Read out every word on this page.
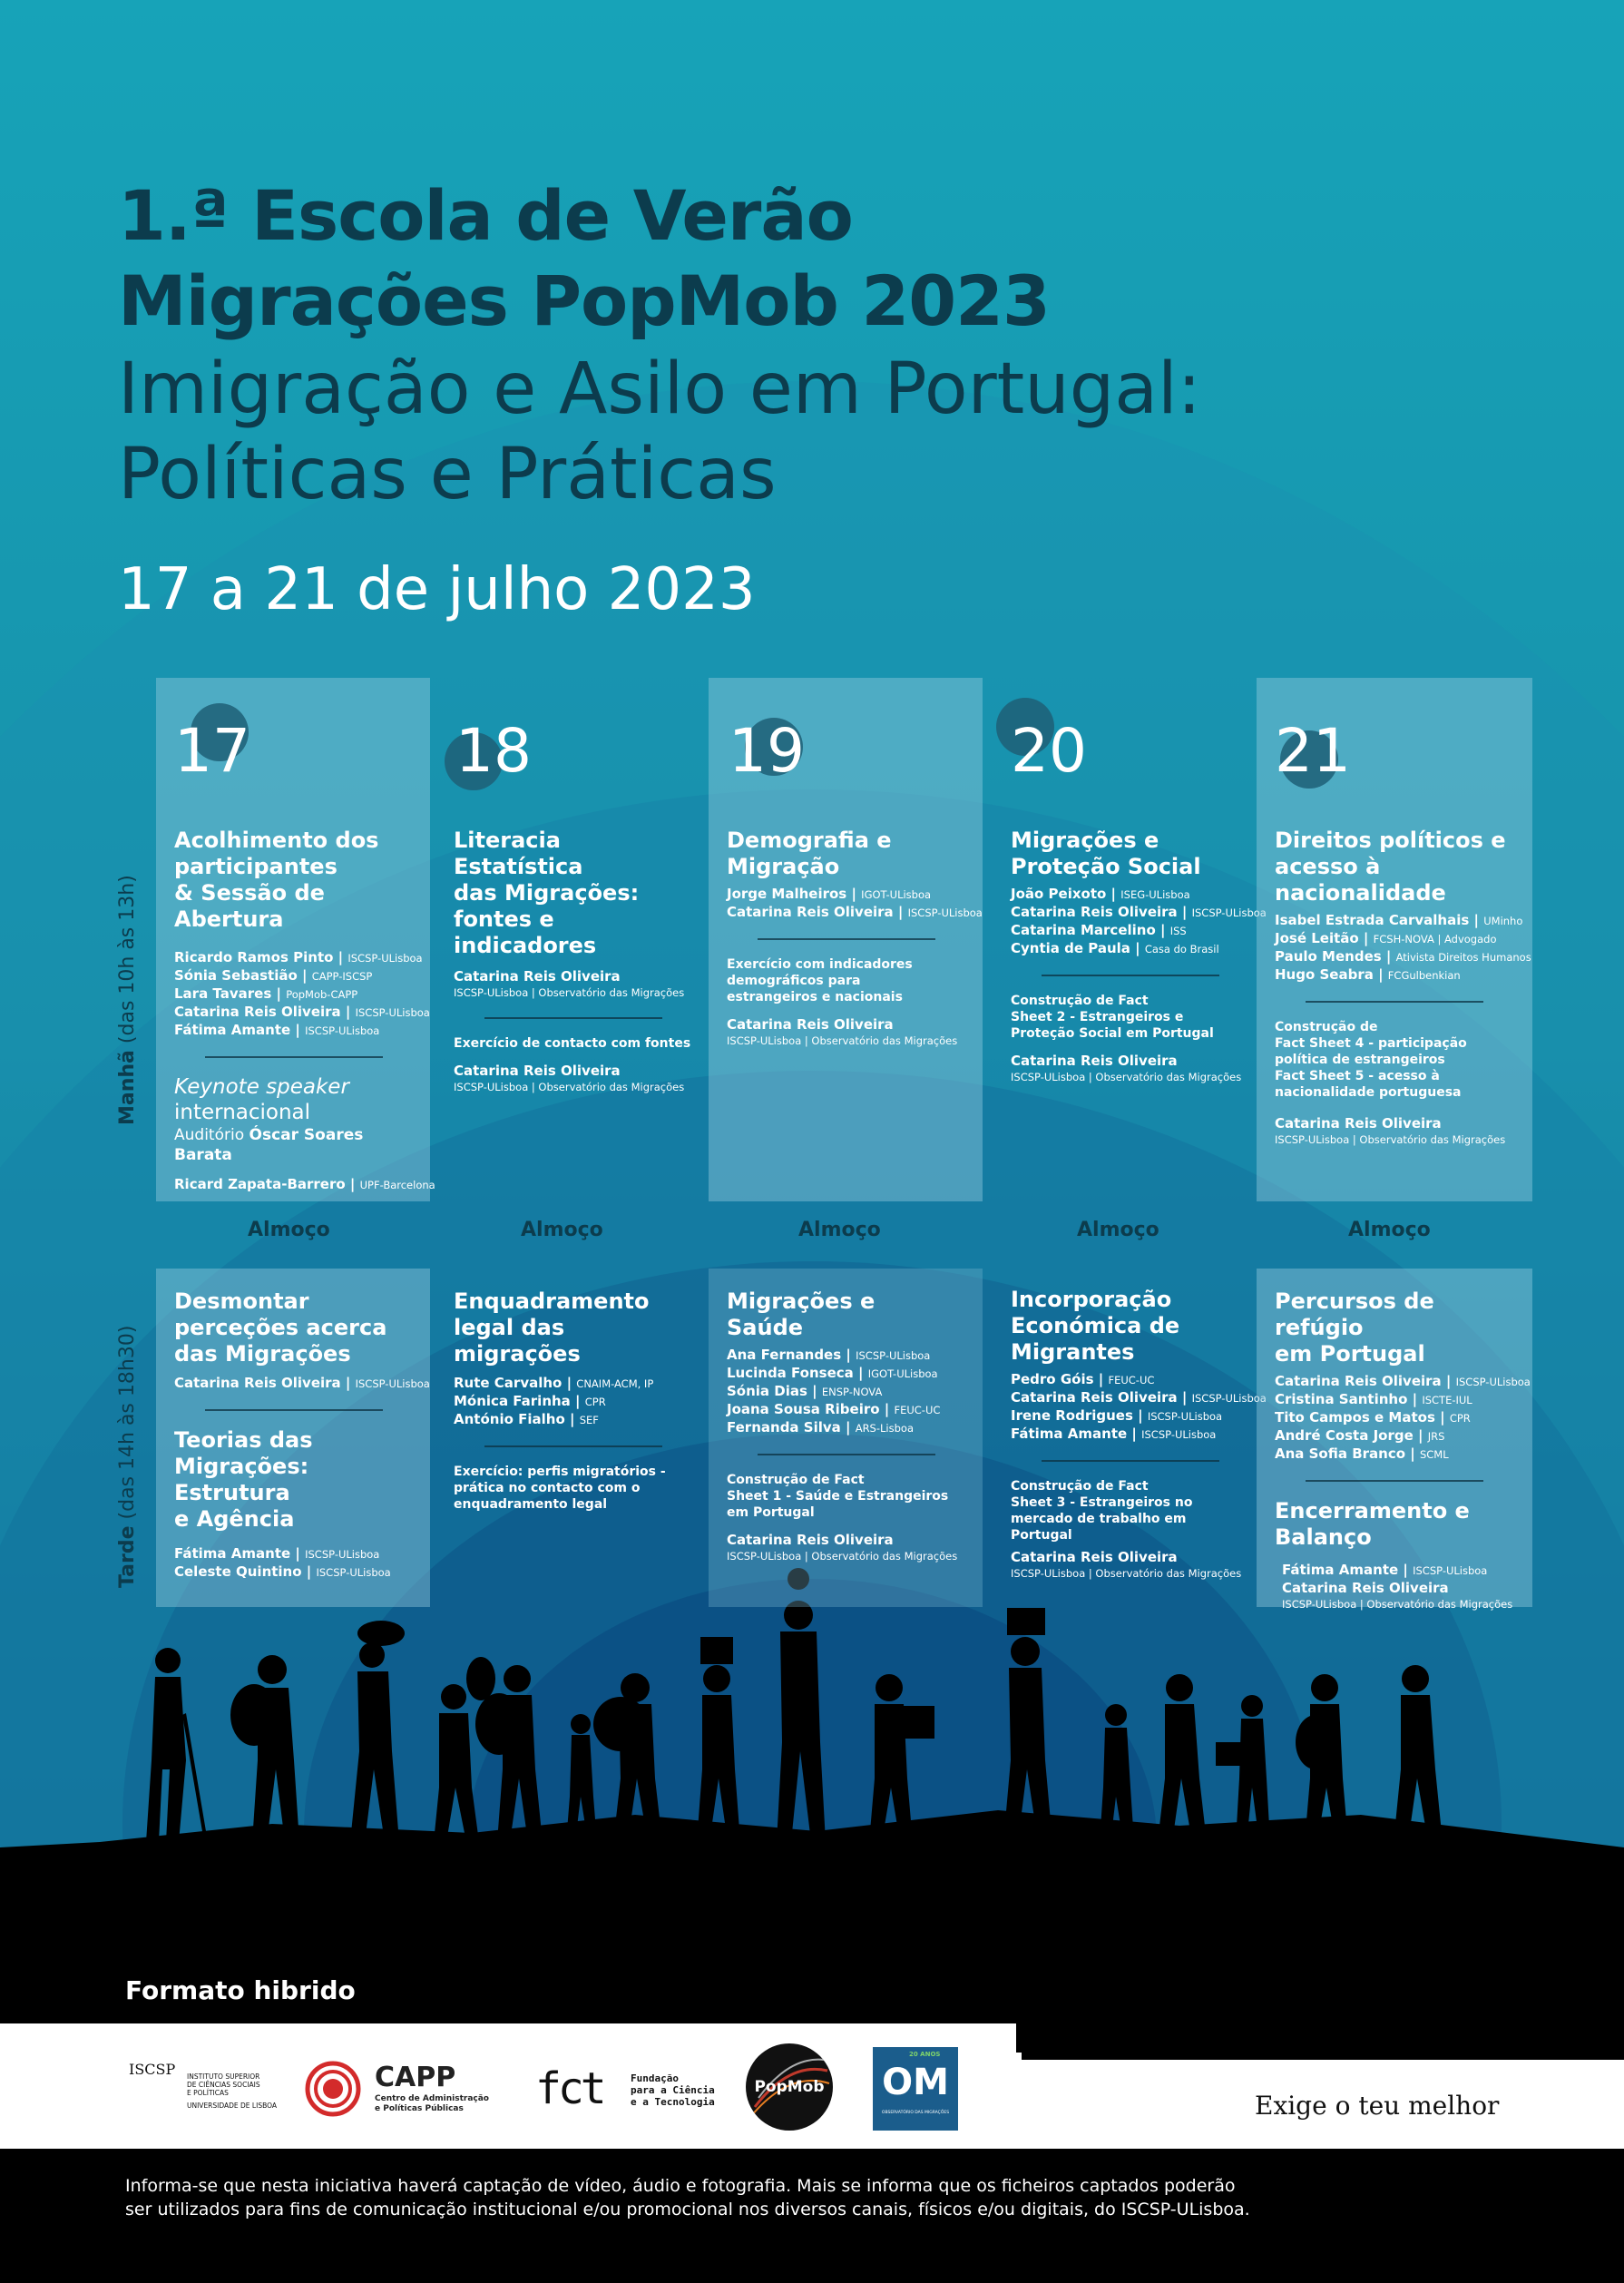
1.ª Escola de Verão
Migrações PopMob 2023
Imigração e Asilo em Portugal:
Políticas e Práticas
17 a 21 de julho 2023
Manhã (das 10h às 13h)
Tarde (das 14h às 18h30)
Almoço	Almoço	Almoço	Almoço	Almoço
17
Acolhimento dos
participantes
& Sessão de
Abertura
Ricardo Ramos Pinto | ISCSP-ULisboa
Sónia Sebastião | CAPP-ISCSP
Lara Tavares | PopMob-CAPP
Catarina Reis Oliveira | ISCSP-ULisboa
Fátima Amante | ISCSP-ULisboa
Keynote speaker
internacional
Auditório Óscar Soares Barata
Ricard Zapata-Barrero | UPF-Barcelona
Desmontar
perceções acerca
das Migrações
Catarina Reis Oliveira | ISCSP-ULisboa
Teorias das
Migrações: Estrutura
e Agência
Fátima Amante | ISCSP-ULisboa
Celeste Quintino | ISCSP-ULisboa
18
Literacia Estatística
das Migrações:
fontes e indicadores
Catarina Reis Oliveira
ISCSP-ULisboa | Observatório das Migrações
Exercício de contacto com fontes
Catarina Reis Oliveira
ISCSP-ULisboa | Observatório das Migrações
Enquadramento
legal das migrações
Rute Carvalho | CNAIM-ACM, IP
Mónica Farinha | CPR
António Fialho | SEF
Exercício: perfis migratórios -
prática no contacto com o
enquadramento legal
19
Demografia e
Migração
Jorge Malheiros | IGOT-ULisboa
Catarina Reis Oliveira | ISCSP-ULisboa
Exercício com indicadores
demográficos para
estrangeiros e nacionais
Catarina Reis Oliveira
ISCSP-ULisboa | Observatório das Migrações
Migrações e
Saúde
Ana Fernandes | ISCSP-ULisboa
Lucinda Fonseca | IGOT-ULisboa
Sónia Dias | ENSP-NOVA
Joana Sousa Ribeiro | FEUC-UC
Fernanda Silva | ARS-Lisboa
Construção de Fact
Sheet 1 - Saúde e Estrangeiros
em Portugal
Catarina Reis Oliveira
ISCSP-ULisboa | Observatório das Migrações
20
Migrações e
Proteção Social
João Peixoto | ISEG-ULisboa
Catarina Reis Oliveira | ISCSP-ULisboa
Catarina Marcelino | ISS
Cyntia de Paula | Casa do Brasil
Construção de Fact
Sheet 2 - Estrangeiros e
Proteção Social em Portugal
Catarina Reis Oliveira
ISCSP-ULisboa | Observatório das Migrações
Incorporação
Económica de
Migrantes
Pedro Góis | FEUC-UC
Catarina Reis Oliveira | ISCSP-ULisboa
Irene Rodrigues | ISCSP-ULisboa
Fátima Amante | ISCSP-ULisboa
Construção de Fact
Sheet 3 - Estrangeiros no
mercado de trabalho em
Portugal
Catarina Reis Oliveira
ISCSP-ULisboa | Observatório das Migrações
21
Direitos políticos e
acesso à
nacionalidade
Isabel Estrada Carvalhais | UMinho
José Leitão | FCSH-NOVA | Advogado
Paulo Mendes | Ativista Direitos Humanos
Hugo Seabra | FCGulbenkian
Construção de
Fact Sheet 4 - participação
política de estrangeiros
Fact Sheet 5 - acesso à
nacionalidade portuguesa
Catarina Reis Oliveira
ISCSP-ULisboa | Observatório das Migrações
Percursos de refúgio
em Portugal
Catarina Reis Oliveira | ISCSP-ULisboa
Cristina Santinho | ISCTE-IUL
Tito Campos e Matos | CPR
André Costa Jorge | JRS
Ana Sofia Branco | SCML
Encerramento e
Balanço
Fátima Amante | ISCSP-ULisboa
Catarina Reis Oliveira
ISCSP-ULisboa | Observatório das Migrações
Formato hibrido
ISCSP	INSTITUTO SUPERIOR
DE CIÊNCIAS SOCIAIS
E POLÍTICAS
UNIVERSIDADE DE LISBOA
CAPP
Centro de Administração
e Políticas Públicas	fct	Fundação
para a Ciência
e a Tecnologia
PopMob
20 ANOS
OM
OBSERVATÓRIO DAS MIGRAÇÕES	Exige o teu melhor
Informa-se que nesta iniciativa haverá captação de vídeo, áudio e fotografia. Mais se informa que os ficheiros captados poderão
ser utilizados para fins de comunicação institucional e/ou promocional nos diversos canais, físicos e/ou digitais, do ISCSP-ULisboa.
